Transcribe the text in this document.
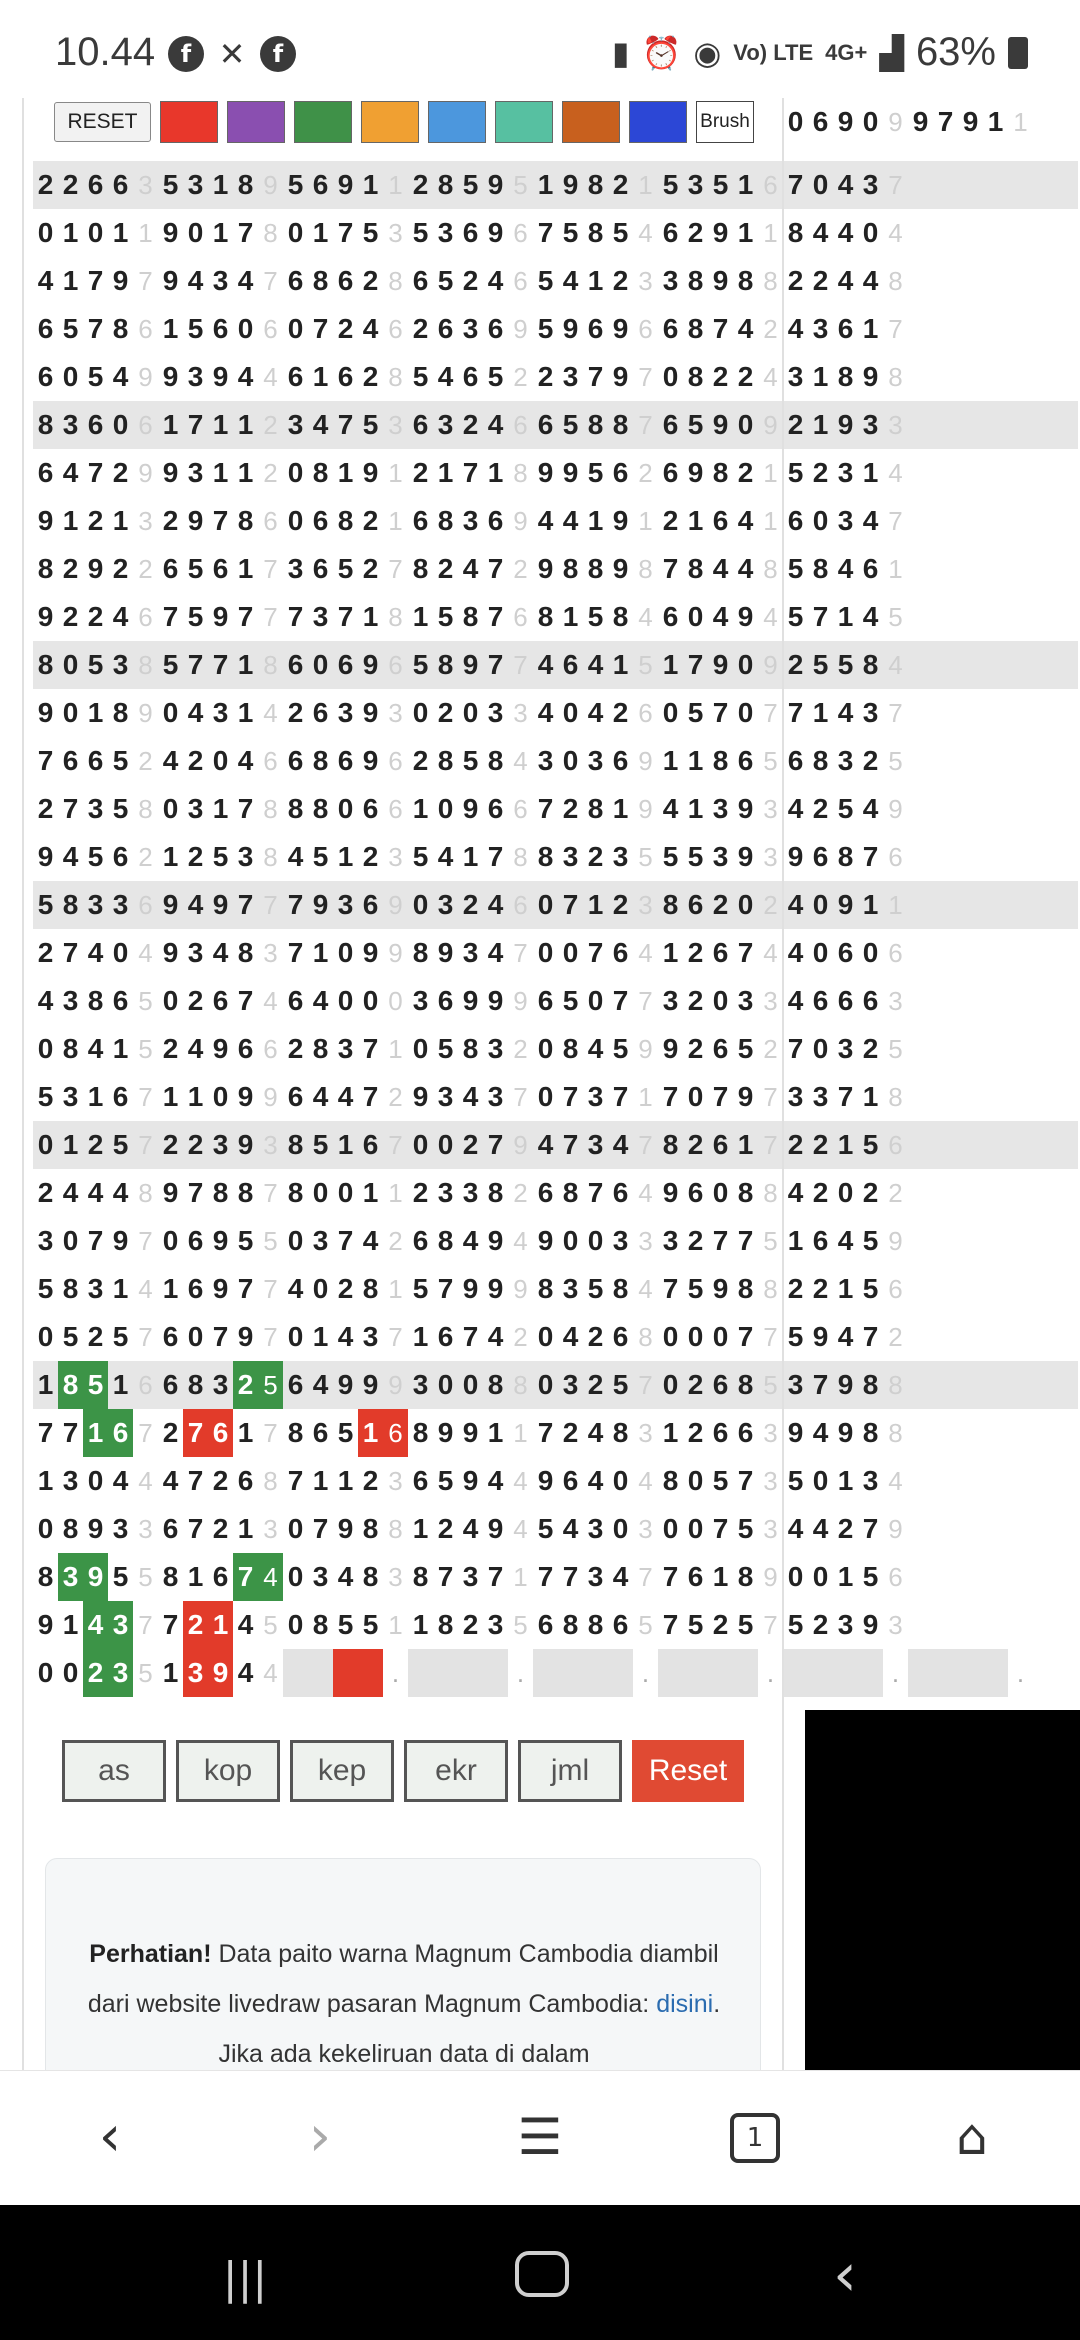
10.44	f ✕	f	▮ ⏰ ◉ Vo) LTE 4G+ ▟ 63%
0 6 9 0 9 9 7 9 1 1
2 2 6 6 3 5 3 1 8 9 5 6 9 1 1 2 8 5 9 5 1 9 8 2 1 5 3 5 1 6 7 0 4 3 7
0 1 0 1 1 9 0 1 7 8 0 1 7 5 3 5 3 6 9 6 7 5 8 5 4 6 2 9 1 1 8 4 4 0 4
4 1 7 9 7 9 4 3 4 7 6 8 6 2 8 6 5 2 4 6 5 4 1 2 3 3 8 9 8 8 2 2 4 4 8
6 5 7 8 6 1 5 6 0 6 0 7 2 4 6 2 6 3 6 9 5 9 6 9 6 6 8 7 4 2 4 3 6 1 7
6 0 5 4 9 9 3 9 4 4 6 1 6 2 8 5 4 6 5 2 2 3 7 9 7 0 8 2 2 4 3 1 8 9 8
8 3 6 0 6 1 7 1 1 2 3 4 7 5 3 6 3 2 4 6 6 5 8 8 7 6 5 9 0 9 2 1 9 3 3
6 4 7 2 9 9 3 1 1 2 0 8 1 9 1 2 1 7 1 8 9 9 5 6 2 6 9 8 2 1 5 2 3 1 4
9 1 2 1 3 2 9 7 8 6 0 6 8 2 1 6 8 3 6 9 4 4 1 9 1 2 1 6 4 1 6 0 3 4 7
8 2 9 2 2 6 5 6 1 7 3 6 5 2 7 8 2 4 7 2 9 8 8 9 8 7 8 4 4 8 5 8 4 6 1
9 2 2 4 6 7 5 9 7 7 7 3 7 1 8 1 5 8 7 6 8 1 5 8 4 6 0 4 9 4 5 7 1 4 5
8 0 5 3 8 5 7 7 1 8 6 0 6 9 6 5 8 9 7 7 4 6 4 1 5 1 7 9 0 9 2 5 5 8 4
9 0 1 8 9 0 4 3 1 4 2 6 3 9 3 0 2 0 3 3 4 0 4 2 6 0 5 7 0 7 7 1 4 3 7
7 6 6 5 2 4 2 0 4 6 6 8 6 9 6 2 8 5 8 4 3 0 3 6 9 1 1 8 6 5 6 8 3 2 5
2 7 3 5 8 0 3 1 7 8 8 8 0 6 6 1 0 9 6 6 7 2 8 1 9 4 1 3 9 3 4 2 5 4 9
9 4 5 6 2 1 2 5 3 8 4 5 1 2 3 5 4 1 7 8 8 3 2 3 5 5 5 3 9 3 9 6 8 7 6
5 8 3 3 6 9 4 9 7 7 7 9 3 6 9 0 3 2 4 6 0 7 1 2 3 8 6 2 0 2 4 0 9 1 1
2 7 4 0 4 9 3 4 8 3 7 1 0 9 9 8 9 3 4 7 0 0 7 6 4 1 2 6 7 4 4 0 6 0 6
4 3 8 6 5 0 2 6 7 4 6 4 0 0 0 3 6 9 9 9 6 5 0 7 7 3 2 0 3 3 4 6 6 6 3
0 8 4 1 5 2 4 9 6 6 2 8 3 7 1 0 5 8 3 2 0 8 4 5 9 9 2 6 5 2 7 0 3 2 5
5 3 1 6 7 1 1 0 9 9 6 4 4 7 2 9 3 4 3 7 0 7 3 7 1 7 0 7 9 7 3 3 7 1 8
0 1 2 5 7 2 2 3 9 3 8 5 1 6 7 0 0 2 7 9 4 7 3 4 7 8 2 6 1 7 2 2 1 5 6
2 4 4 4 8 9 7 8 8 7 8 0 0 1 1 2 3 3 8 2 6 8 7 6 4 9 6 0 8 8 4 2 0 2 2
3 0 7 9 7 0 6 9 5 5 0 3 7 4 2 6 8 4 9 4 9 0 0 3 3 3 2 7 7 5 1 6 4 5 9
5 8 3 1 4 1 6 9 7 7 4 0 2 8 1 5 7 9 9 9 8 3 5 8 4 7 5 9 8 8 2 2 1 5 6
0 5 2 5 7 6 0 7 9 7 0 1 4 3 7 1 6 7 4 2 0 4 2 6 8 0 0 0 7 7 5 9 4 7 2
1 8 5 1 6 6 8 3 2 5 6 4 9 9 9 3 0 0 8 8 0 3 2 5 7 0 2 6 8 5 3 7 9 8 8
7 7 1 6 7 2 7 6 1 7 8 6 5 1 6 8 9 9 1 1 7 2 4 8 3 1 2 6 6 3 9 4 9 8 8
1 3 0 4 4 4 7 2 6 8 7 1 1 2 3 6 5 9 4 4 9 6 4 0 4 8 0 5 7 3 5 0 1 3 4
0 8 9 3 3 6 7 2 1 3 0 7 9 8 8 1 2 4 9 4 5 4 3 0 3 0 0 7 5 3 4 4 2 7 9
8 3 9 5 5 8 1 6 7 4 0 3 4 8 3 8 7 3 7 1 7 7 3 4 7 7 6 1 8 9 0 0 1 5 6
9 1 4 3 7 7 2 1 4 5 0 8 5 5 1 1 8 2 3 5 6 8 8 6 5 7 5 2 5 7 5 2 3 9 3
0 0 2 3 5 1 3 9 4 4	.	.	.	.	.	.
RESET	Brush
as	kop	kep	ekr	jml	Reset
Perhatian! Data paito warna Magnum Cambodia diambil dari website livedraw pasaran Magnum Cambodia: disini. Jika ada kekeliruan data di dalam
‹	›	☰	1	⌂
|||	‹
